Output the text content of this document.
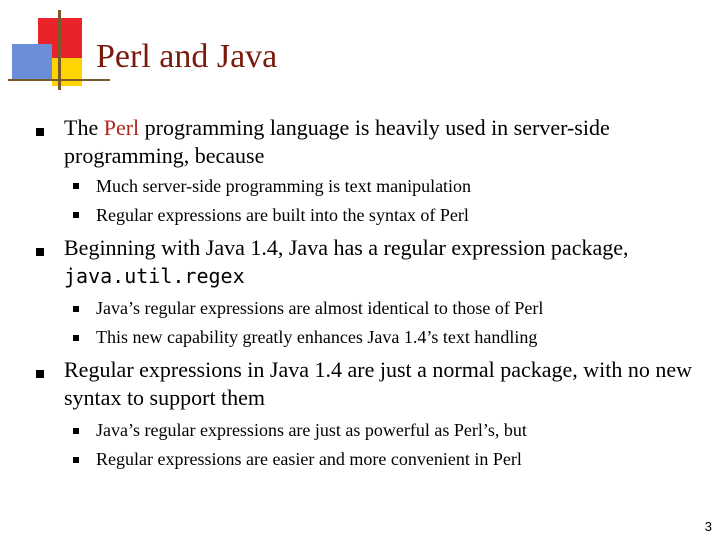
Perl and Java
The Perl programming language is heavily used in server-side programming, because
Much server-side programming is text manipulation
Regular expressions are built into the syntax of Perl
Beginning with Java 1.4, Java has a regular expression package,
java.util.regex
Java’s regular expressions are almost identical to those of Perl
This new capability greatly enhances Java 1.4’s text handling
Regular expressions in Java 1.4 are just a normal package, with no new syntax to support them
Java’s regular expressions are just as powerful as Perl’s, but
Regular expressions are easier and more convenient in Perl
3
